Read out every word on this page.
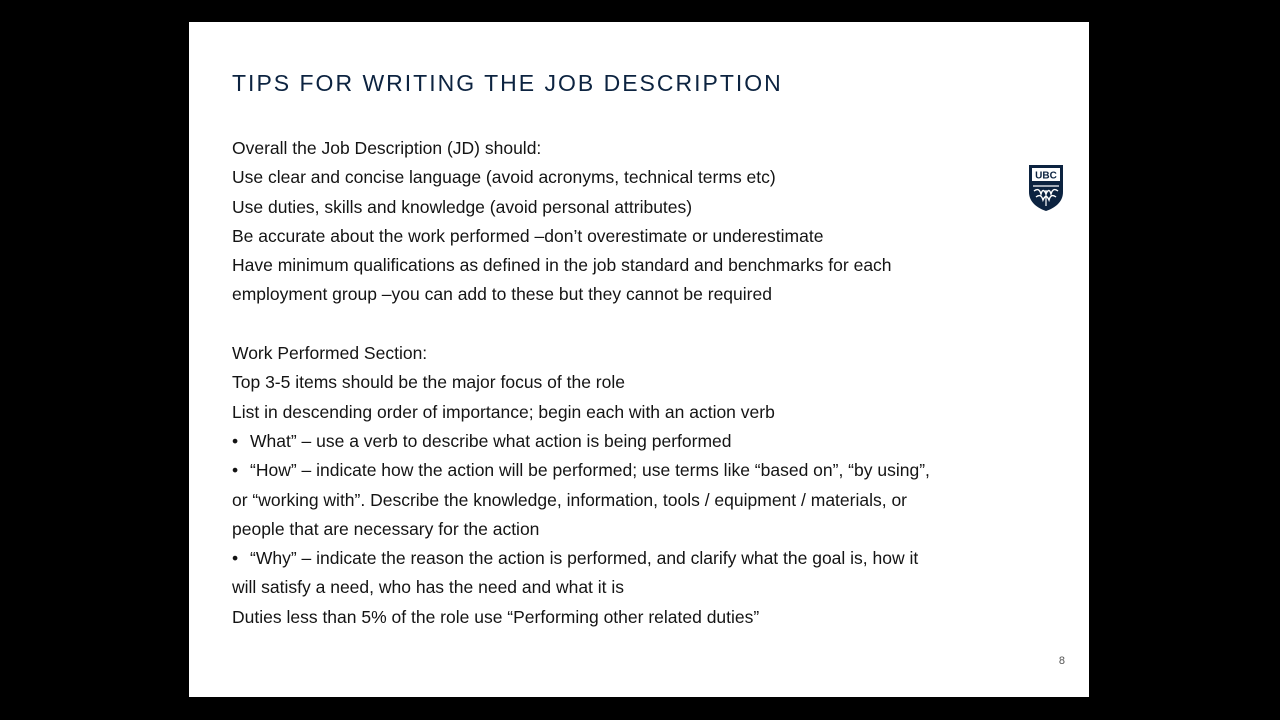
TIPS FOR WRITING THE JOB DESCRIPTION
Overall the Job Description (JD) should:
Use clear and concise language (avoid acronyms, technical terms etc)
Use duties, skills and knowledge (avoid personal attributes)
Be accurate about the work performed –don’t overestimate or underestimate
Have minimum qualifications as defined in the job standard and benchmarks for each
employment group –you can add to these but they cannot be required
Work Performed Section:
Top 3-5 items should be the major focus of the role
List in descending order of importance; begin each with an action verb
• What” – use a verb to describe what action is being performed
• “How” – indicate how the action will be performed; use terms like “based on”, “by using”,
or “working with”. Describe the knowledge, information, tools / equipment / materials, or
people that are necessary for the action
• “Why” – indicate the reason the action is performed, and clarify what the goal is, how it
will satisfy a need, who has the need and what it is
Duties less than 5% of the role use “Performing other related duties”
UBC
8
